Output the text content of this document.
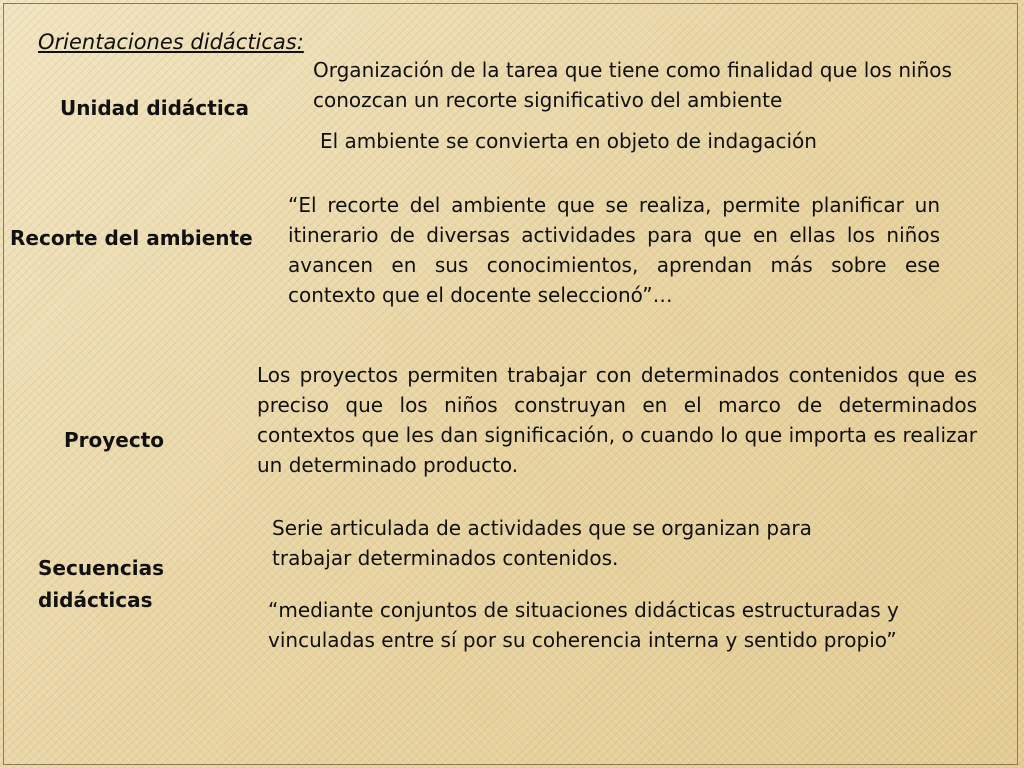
Orientaciones didácticas:

Unidad didáctica

Organización de la tarea que tiene como finalidad que los niños conozcan un recorte significativo del ambiente

El ambiente se convierta en objeto de indagación

Recorte del ambiente

“El recorte del ambiente que se realiza, permite planificar un itinerario de diversas actividades para que en ellas los niños avancen en sus conocimientos, aprendan más sobre ese contexto que el docente seleccionó”…

Proyecto

Los proyectos permiten trabajar con determinados contenidos que es preciso que los niños construyan en el marco de determinados contextos que les dan significación, o cuando lo que importa es realizar un determinado producto.

Secuencias

didácticas

Serie articulada de actividades que se organizan para trabajar determinados contenidos.

“mediante conjuntos de situaciones didácticas estructuradas y vinculadas entre sí por su coherencia interna y sentido propio”
